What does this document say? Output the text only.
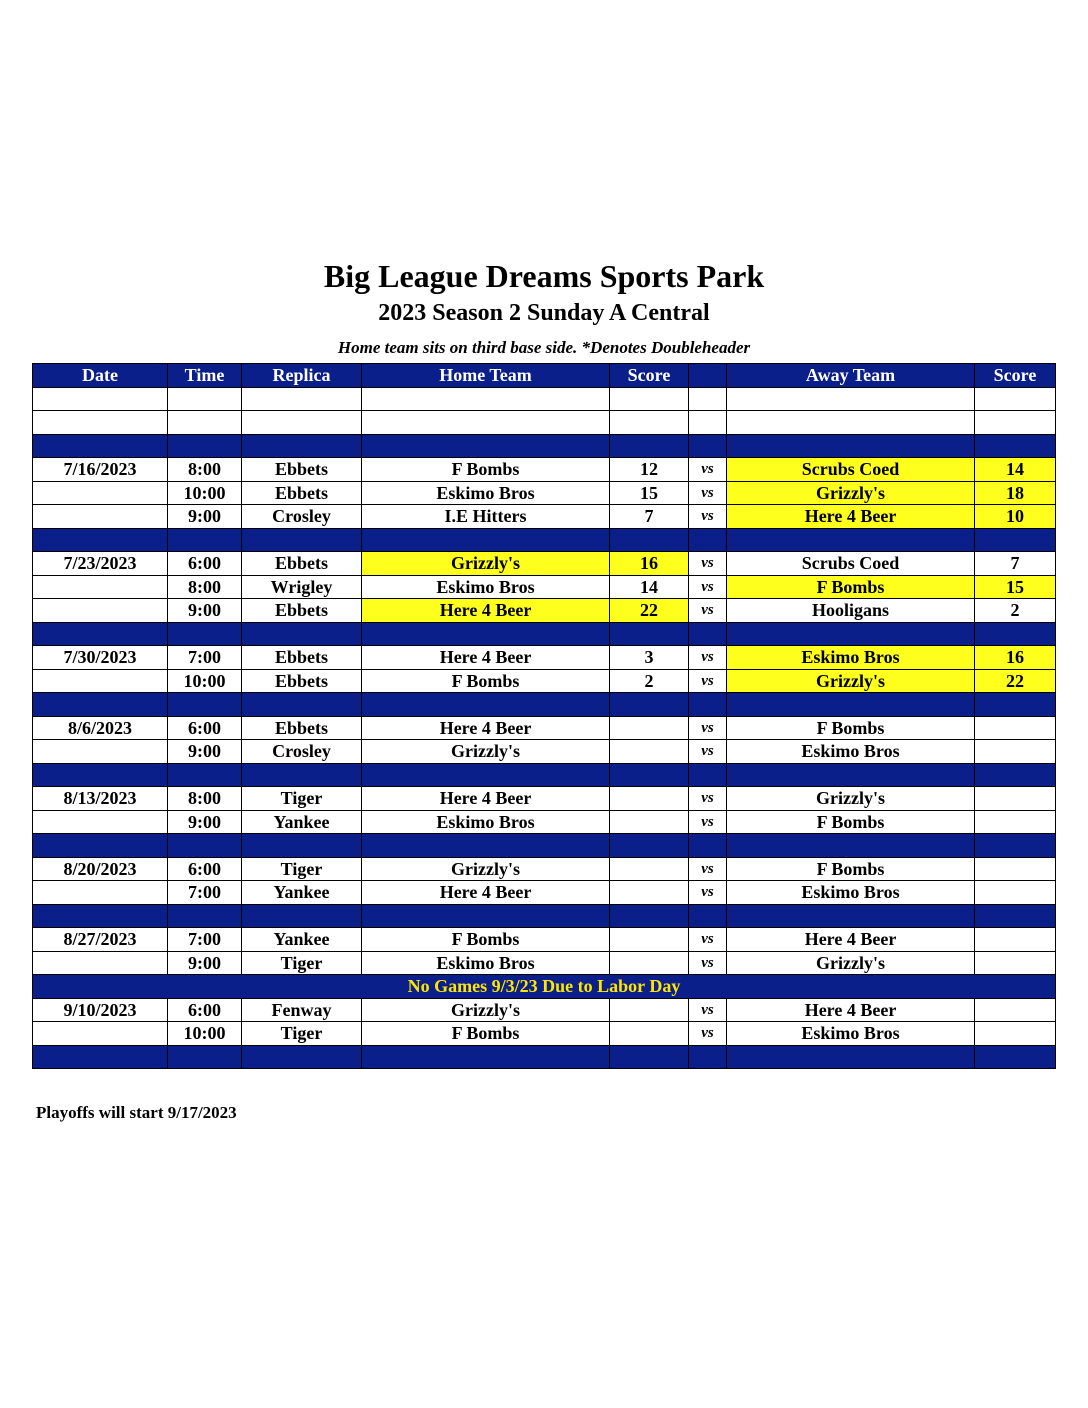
Big League Dreams Sports Park
2023 Season 2 Sunday A Central
Home team sits on third base side. *Denotes Doubleheader
Date	Time	Replica	Home Team	Score		Away Team	Score

7/16/2023	8:00	Ebbets	F Bombs	12	vs	Scrubs Coed	14
	10:00	Ebbets	Eskimo Bros	15	vs	Grizzly's	18
	9:00	Crosley	I.E Hitters	7	vs	Here 4 Beer	10

7/23/2023	6:00	Ebbets	Grizzly's	16	vs	Scrubs Coed	7
	8:00	Wrigley	Eskimo Bros	14	vs	F Bombs	15
	9:00	Ebbets	Here 4 Beer	22	vs	Hooligans	2

7/30/2023	7:00	Ebbets	Here 4 Beer	3	vs	Eskimo Bros	16
	10:00	Ebbets	F Bombs	2	vs	Grizzly's	22

8/6/2023	6:00	Ebbets	Here 4 Beer		vs	F Bombs	
	9:00	Crosley	Grizzly's		vs	Eskimo Bros	

8/13/2023	8:00	Tiger	Here 4 Beer		vs	Grizzly's	
	9:00	Yankee	Eskimo Bros		vs	F Bombs	

8/20/2023	6:00	Tiger	Grizzly's		vs	F Bombs	
	7:00	Yankee	Here 4 Beer		vs	Eskimo Bros	

8/27/2023	7:00	Yankee	F Bombs		vs	Here 4 Beer	
	9:00	Tiger	Eskimo Bros		vs	Grizzly's	
No Games 9/3/23 Due to Labor Day							
9/10/2023	6:00	Fenway	Grizzly's		vs	Here 4 Beer	
	10:00	Tiger	F Bombs		vs	Eskimo Bros	

Playoffs will start 9/17/2023
